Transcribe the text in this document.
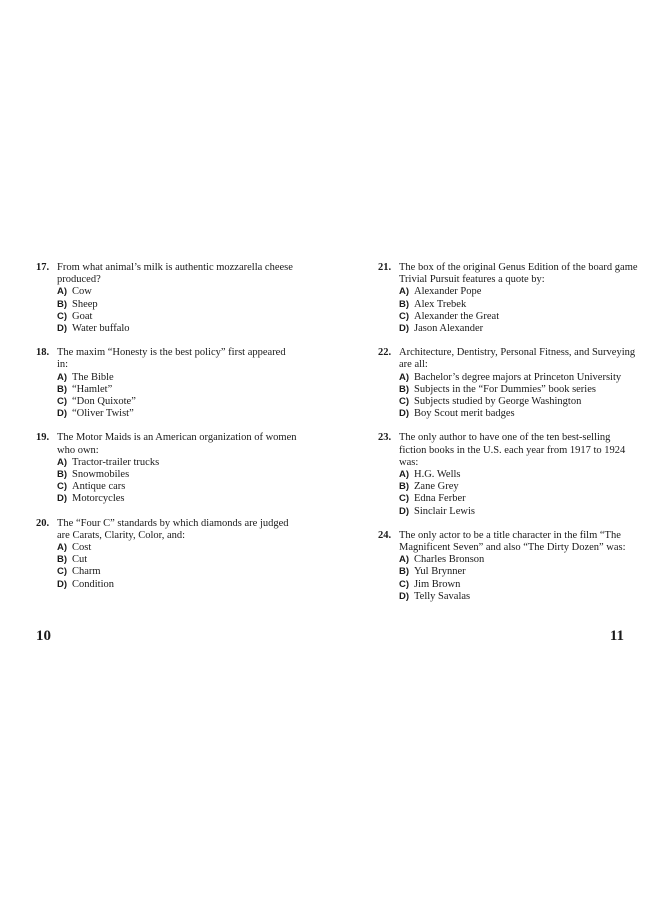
17. From what animal’s milk is authentic mozzarella cheese produced?
A) Cow
B) Sheep
C) Goat
D) Water buffalo
18. The maxim “Honesty is the best policy” first appeared in:
A) The Bible
B) “Hamlet”
C) “Don Quixote”
D) “Oliver Twist”
19. The Motor Maids is an American organization of women who own:
A) Tractor-trailer trucks
B) Snowmobiles
C) Antique cars
D) Motorcycles
20. The “Four C” standards by which diamonds are judged are Carats, Clarity, Color, and:
A) Cost
B) Cut
C) Charm
D) Condition
21. The box of the original Genus Edition of the board game Trivial Pursuit features a quote by:
A) Alexander Pope
B) Alex Trebek
C) Alexander the Great
D) Jason Alexander
22. Architecture, Dentistry, Personal Fitness, and Surveying are all:
A) Bachelor’s degree majors at Princeton University
B) Subjects in the “For Dummies” book series
C) Subjects studied by George Washington
D) Boy Scout merit badges
23. The only author to have one of the ten best-selling fiction books in the U.S. each year from 1917 to 1924 was:
A) H.G. Wells
B) Zane Grey
C) Edna Ferber
D) Sinclair Lewis
24. The only actor to be a title character in the film “The Magnificent Seven” and also “The Dirty Dozen” was:
A) Charles Bronson
B) Yul Brynner
C) Jim Brown
D) Telly Savalas
10	11
